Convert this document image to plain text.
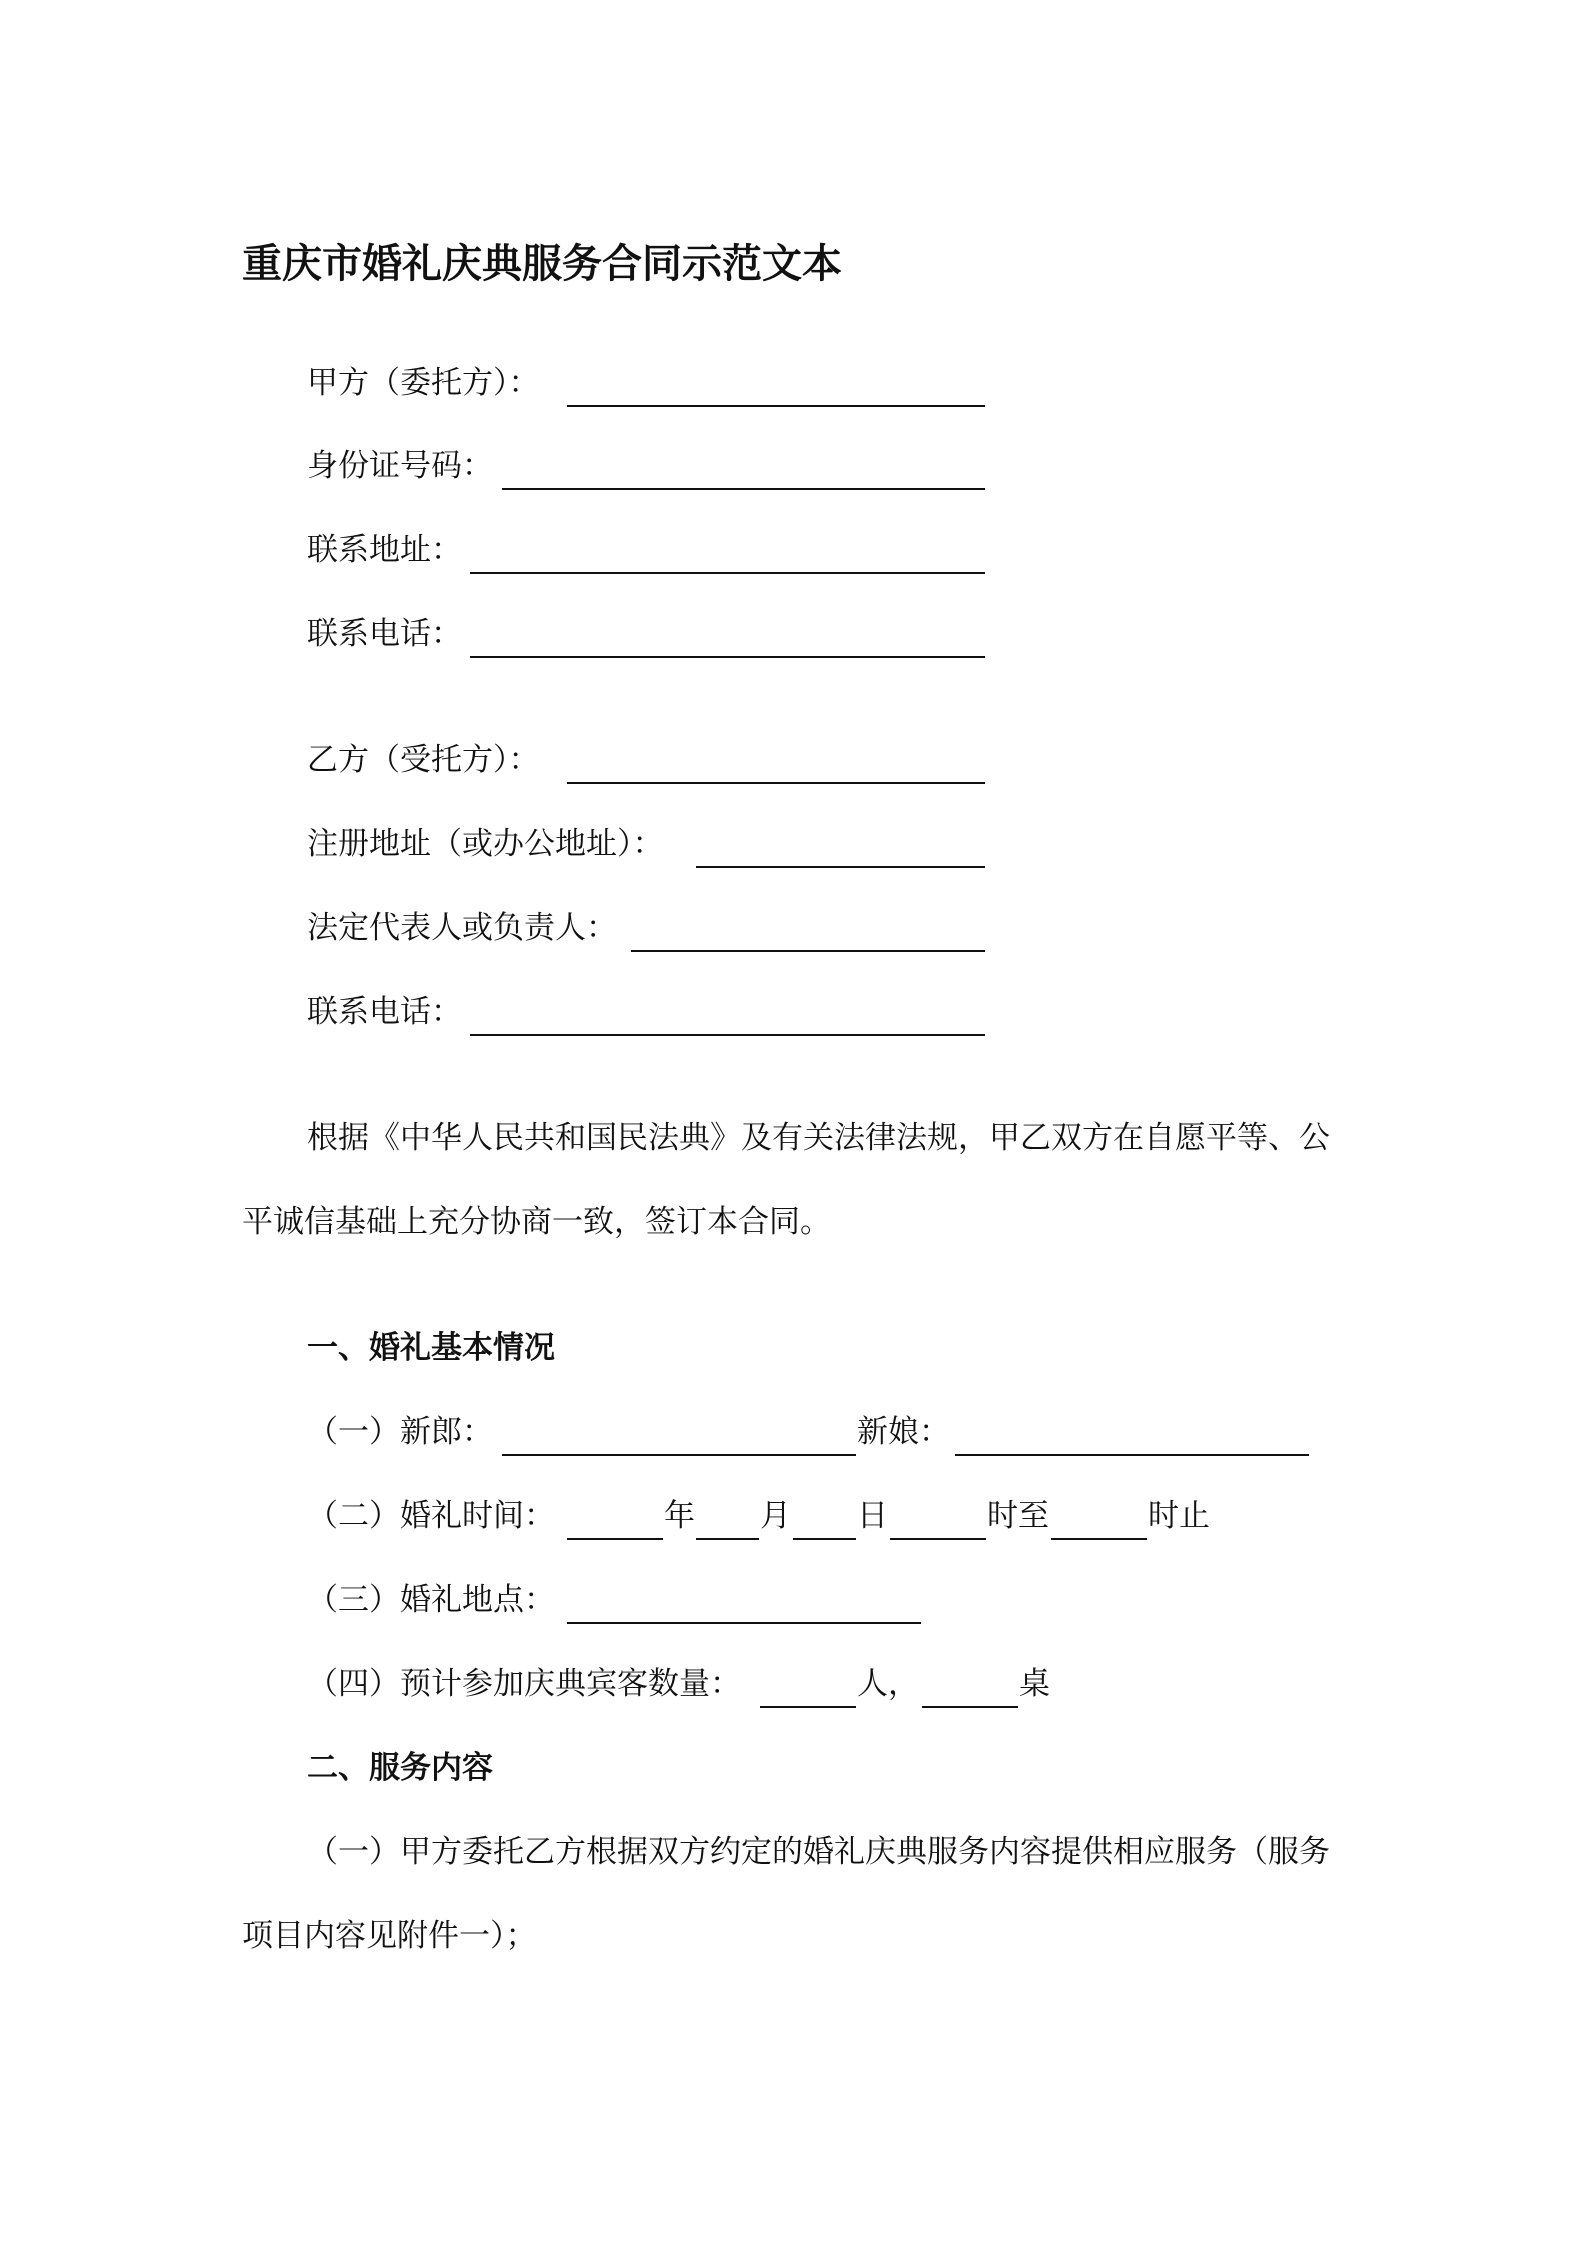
重庆市婚礼庆典服务合同示范文本
甲方（委托方）：
身份证号码：
联系地址：
联系电话：
乙方（受托方）：
注册地址（或办公地址）：
法定代表人或负责人：
联系电话：
根据《中华人民共和国民法典》及有关法律法规，甲乙双方在自愿平等、公
平诚信基础上充分协商一致，签订本合同。
一、婚礼基本情况
（一）新郎：	新娘：
（二）婚礼时间：	年 月 日	时至	时止
（三）婚礼地点：
（四）预计参加庆典宾客数量：	人，	桌
二、服务内容
（一）甲方委托乙方根据双方约定的婚礼庆典服务内容提供相应服务（服务
项目内容见附件一）；
